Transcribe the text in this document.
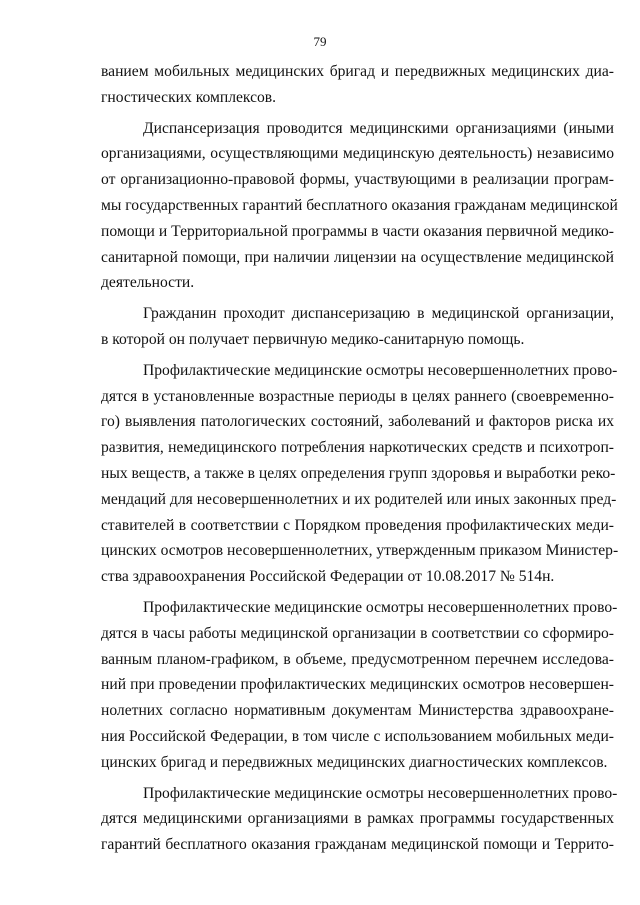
79
ванием мобильных медицинских бригад и передвижных медицинских диа-
гностических комплексов.
Диспансеризация проводится медицинскими организациями (иными
организациями, осуществляющими медицинскую деятельность) независимо
от организационно-правовой формы, участвующими в реализации програм-
мы государственных гарантий бесплатного оказания гражданам медицинской
помощи и Территориальной программы в части оказания первичной медико-
санитарной помощи, при наличии лицензии на осуществление медицинской
деятельности.
Гражданин проходит диспансеризацию в медицинской организации,
в которой он получает первичную медико-санитарную помощь.
Профилактические медицинские осмотры несовершеннолетних прово-
дятся в установленные возрастные периоды в целях раннего (своевременно-
го) выявления патологических состояний, заболеваний и факторов риска их
развития, немедицинского потребления наркотических средств и психотроп-
ных веществ, а также в целях определения групп здоровья и выработки реко-
мендаций для несовершеннолетних и их родителей или иных законных пред-
ставителей в соответствии с Порядком проведения профилактических меди-
цинских осмотров несовершеннолетних, утвержденным приказом Министер-
ства здравоохранения Российской Федерации от 10.08.2017 № 514н.
Профилактические медицинские осмотры несовершеннолетних прово-
дятся в часы работы медицинской организации в соответствии со сформиро-
ванным планом-графиком, в объеме, предусмотренном перечнем исследова-
ний при проведении профилактических медицинских осмотров несовершен-
нолетних согласно нормативным документам Министерства здравоохране-
ния Российской Федерации, в том числе с использованием мобильных меди-
цинских бригад и передвижных медицинских диагностических комплексов.
Профилактические медицинские осмотры несовершеннолетних прово-
дятся медицинскими организациями в рамках программы государственных
гарантий бесплатного оказания гражданам медицинской помощи и Террито-
